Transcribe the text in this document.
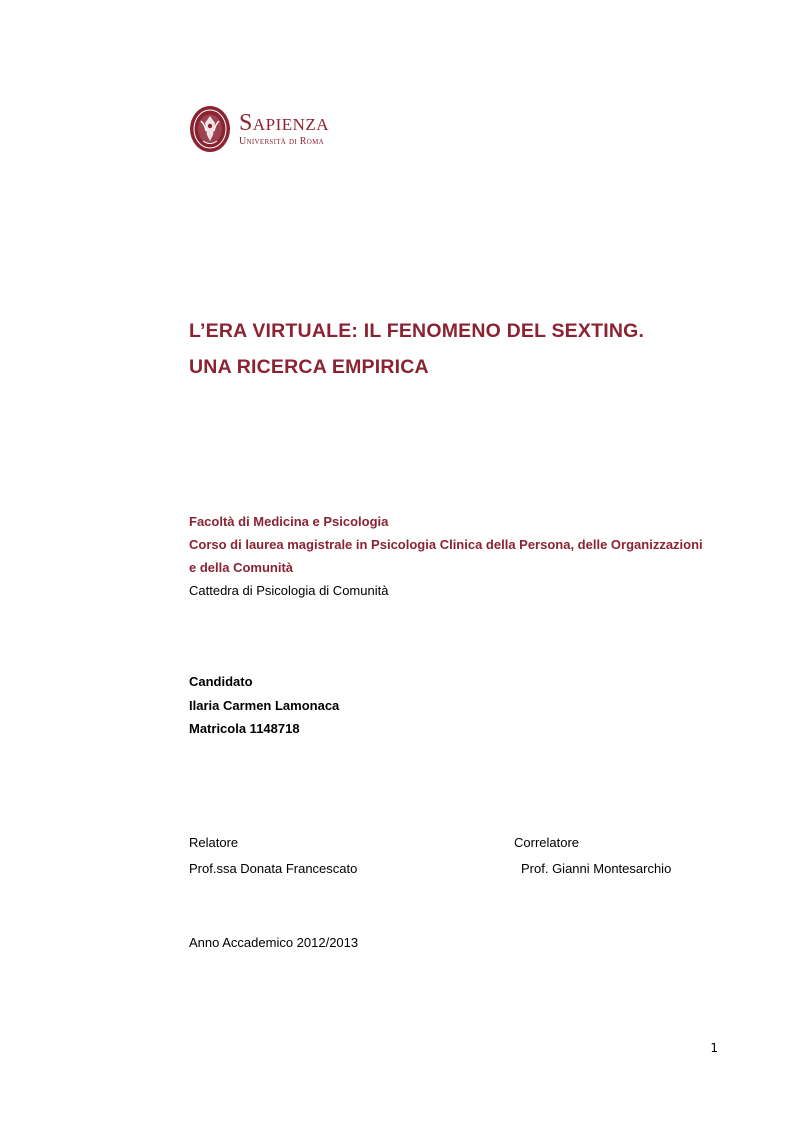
Sapienza
Università di Roma
L’ERA VIRTUALE: IL FENOMENO DEL SEXTING.
UNA RICERCA EMPIRICA
Facoltà di Medicina e Psicologia
Corso di laurea magistrale in Psicologia Clinica della Persona, delle Organizzazioni
e della Comunità
Cattedra di Psicologia di Comunità
Candidato
Ilaria Carmen Lamonaca
Matricola 1148718
Relatore	Correlatore
Prof.ssa Donata Francescato	Prof. Gianni Montesarchio
Anno Accademico 2012/2013
1
